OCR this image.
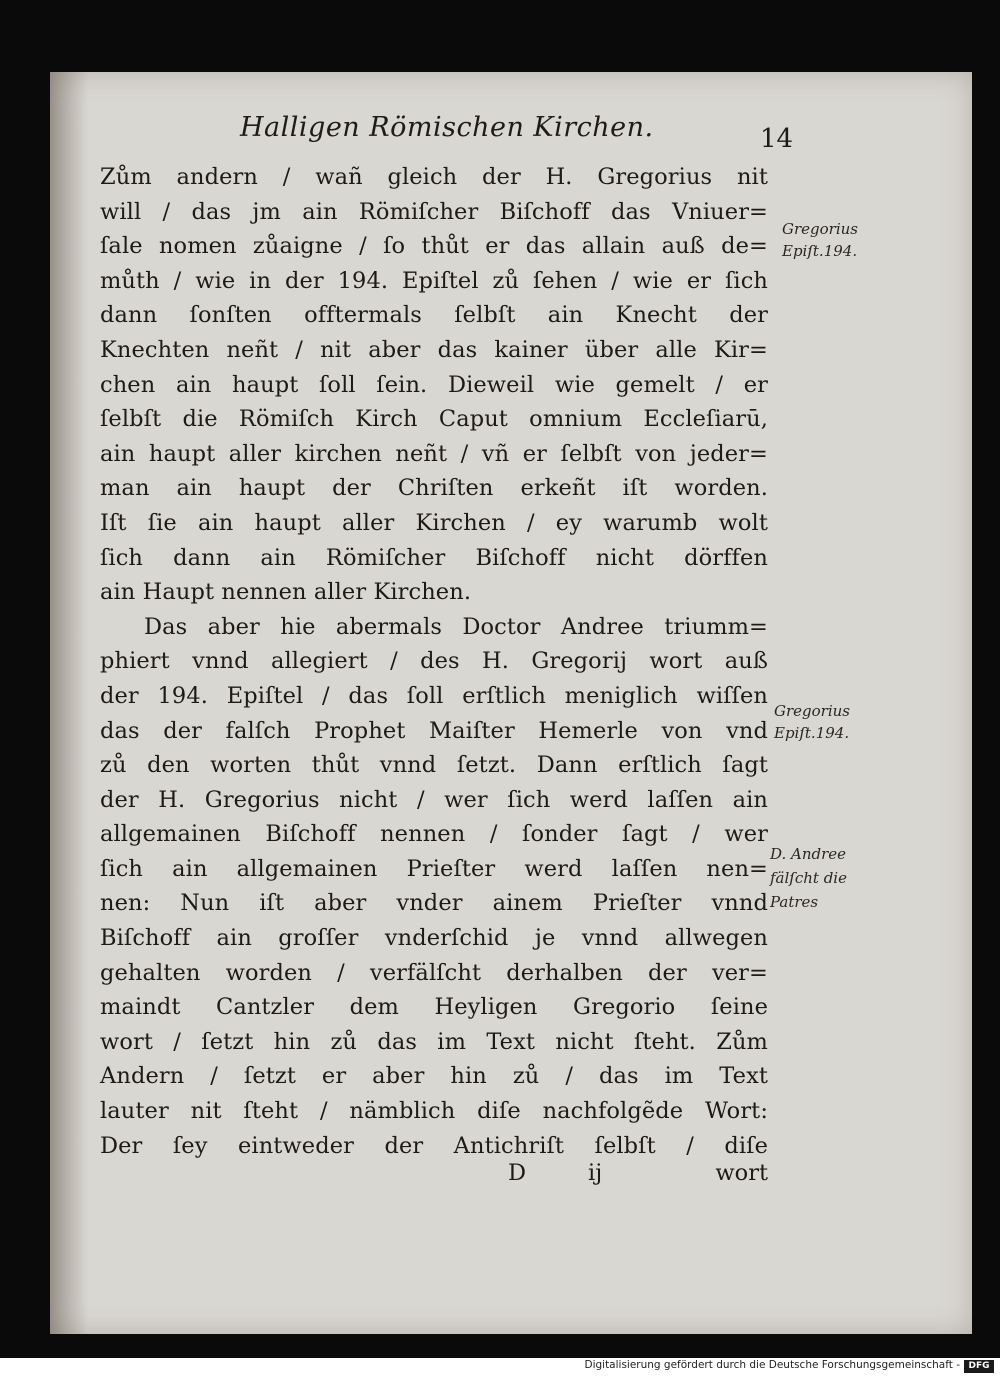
Halligen Römischen Kirchen.	14
Zům andern / wañ gleich der H. Gregorius nit
will / das jm ain Römiſcher Biſchoff das Vniuer=
ſale nomen zůaigne / ſo thůt er das allain auß de=
můth / wie in der 194. Epiſtel zů ſehen / wie er ſich
dann ſonſten offtermals ſelbſt ain Knecht der
Knechten neñt / nit aber das kainer über alle Kir=
chen ain haupt ſoll ſein. Dieweil wie gemelt / er
ſelbſt die Römiſch Kirch Caput omnium Eccleſiarū,
ain haupt aller kirchen neñt / vñ er ſelbſt von jeder=
man ain haupt der Chriſten erkeñt iſt worden.
Iſt ſie ain haupt aller Kirchen / ey warumb wolt
ſich dann ain Römiſcher Biſchoff nicht dörffen
ain Haupt nennen aller Kirchen.
Das aber hie abermals Doctor Andree triumm=
phiert vnnd allegiert / des H. Gregorij wort auß
der 194. Epiſtel / das ſoll erſtlich meniglich wiſſen
das der falſch Prophet Maiſter Hemerle von vnd
zů den worten thůt vnnd ſetzt. Dann erſtlich ſagt
der H. Gregorius nicht / wer ſich werd laſſen ain
allgemainen Biſchoff nennen / ſonder ſagt / wer
ſich ain allgemainen Prieſter werd laſſen nen=
nen: Nun iſt aber vnder ainem Prieſter vnnd
Biſchoff ain groſſer vnderſchid je vnnd allwegen
gehalten worden / verfälſcht derhalben der ver=
maindt Cantzler dem Heyligen Gregorio ſeine
wort / ſetzt hin zů das im Text nicht ſteht. Zům
Andern / ſetzt er aber hin zů / das im Text
lauter nit ſteht / nämblich diſe nachfolgẽde Wort:
Der ſey eintweder der Antichriſt ſelbſt / diſe
D	ij	wort
Gregorius
Epiſt.194.
Gregorius
Epiſt.194.
D. Andree
fälſcht die
Patres
Digitalisierung gefördert durch die Deutsche Forschungsgemeinschaft - DFG
